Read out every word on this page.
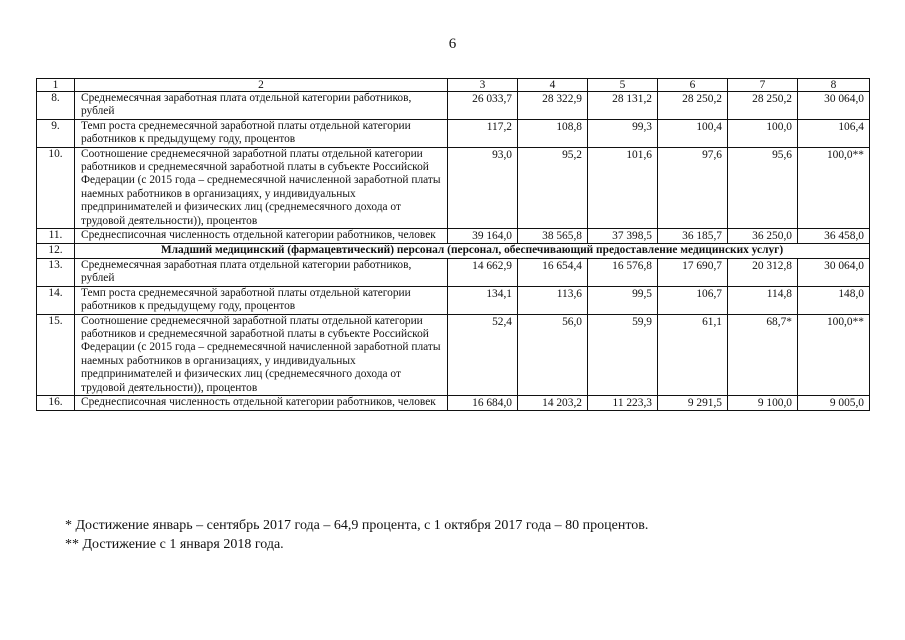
6
1	2	3	4	5	6	7	8
8.	Среднемесячная заработная плата отдельной категории работников, рублей	26 033,7	28 322,9	28 131,2	28 250,2	28 250,2	30 064,0
9.	Темп роста среднемесячной заработной платы отдельной категории работников к предыдущему году, процентов	117,2	108,8	99,3	100,4	100,0	106,4
10.	Соотношение среднемесячной заработной платы отдельной категории работников и среднемесячной заработной платы в субъекте Российской Федерации (с 2015 года – среднемесячной начисленной заработной платы наемных работников в организациях, у индивидуальных предпринимателей и физических лиц (среднемесячного дохода от трудовой деятельности)), процентов	93,0	95,2	101,6	97,6	95,6	100,0**
11.	Среднесписочная численность отдельной категории работников, человек	39 164,0	38 565,8	37 398,5	36 185,7	36 250,0	36 458,0
12.	Младший медицинский (фармацевтический) персонал (персонал, обеспечивающий предоставление медицинских услуг)						
13.	Среднемесячная заработная плата отдельной категории работников, рублей	14 662,9	16 654,4	16 576,8	17 690,7	20 312,8	30 064,0
14.	Темп роста среднемесячной заработной платы отдельной категории работников к предыдущему году, процентов	134,1	113,6	99,5	106,7	114,8	148,0
15.	Соотношение среднемесячной заработной платы отдельной категории работников и среднемесячной заработной платы в субъекте Российской Федерации (с 2015 года – среднемесячной начисленной заработной платы наемных работников в организациях, у индивидуальных предпринимателей и физических лиц (среднемесячного дохода от трудовой деятельности)), процентов	52,4	56,0	59,9	61,1	68,7*	100,0**
16.	Среднесписочная численность отдельной категории работников, человек	16 684,0	14 203,2	11 223,3	9 291,5	9 100,0	9 005,0
* Достижение январь – сентябрь 2017 года – 64,9 процента, с 1 октября 2017 года – 80 процентов.
** Достижение с 1 января 2018 года.
